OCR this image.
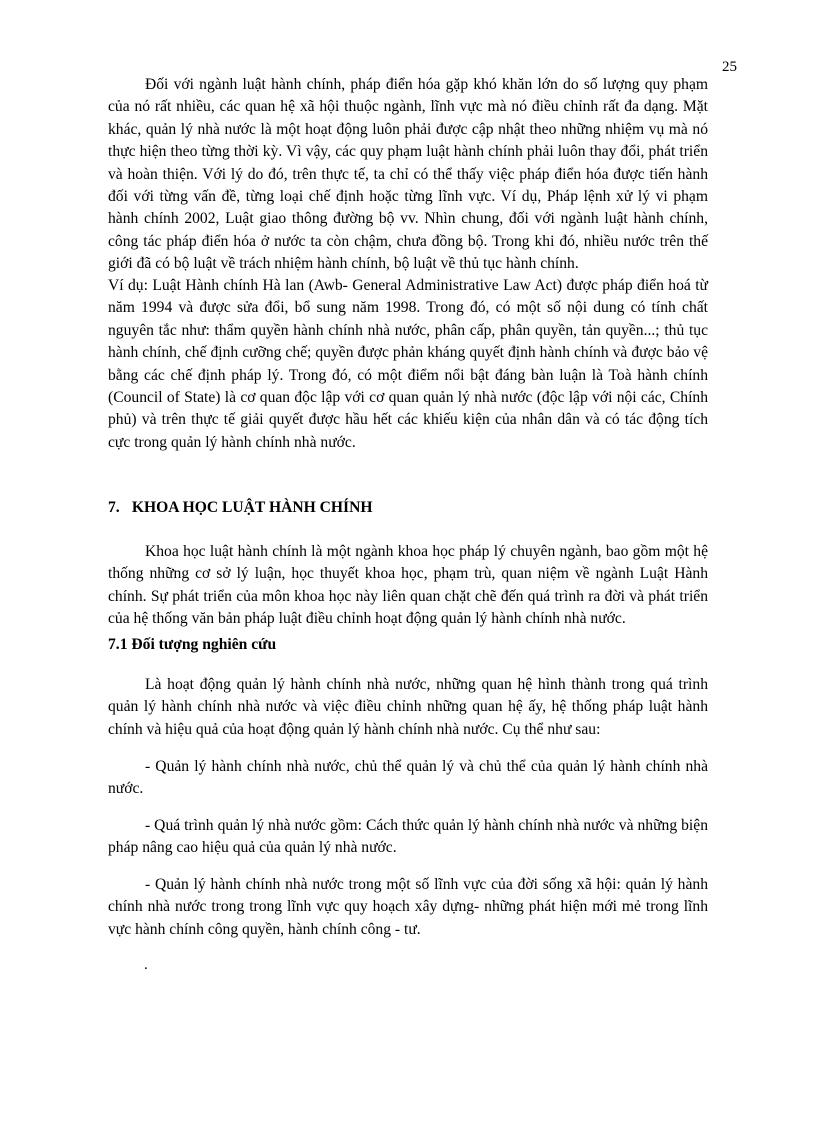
25

Đối với ngành luật hành chính, pháp điển hóa gặp khó khăn lớn do số lượng quy phạm của nó rất nhiều, các quan hệ xã hội thuộc ngành, lĩnh vực mà nó điều chỉnh rất đa dạng. Mặt khác, quản lý nhà nước là một hoạt động luôn phải được cập nhật theo những nhiệm vụ mà nó thực hiện theo từng thời kỳ. Vì vậy, các quy phạm luật hành chính phải luôn thay đổi, phát triển và hoàn thiện. Với lý do đó, trên thực tế, ta chỉ có thể thấy việc pháp điển hóa được tiến hành đối với từng vấn đề, từng loại chế định hoặc từng lĩnh vực. Ví dụ, Pháp lệnh xử lý vi phạm hành chính 2002, Luật giao thông đường bộ vv. Nhìn chung, đối với ngành luật hành chính, công tác pháp điển hóa ở nước ta còn chậm, chưa đồng bộ. Trong khi đó, nhiều nước trên thế giới đã có bộ luật về trách nhiệm hành chính, bộ luật về thủ tục hành chính.

Ví dụ: Luật Hành chính Hà lan (Awb- General Administrative Law Act) được pháp điển hoá từ năm 1994 và được sửa đổi, bổ sung năm 1998. Trong đó, có một số nội dung có tính chất nguyên tắc như: thẩm quyền hành chính nhà nước, phân cấp, phân quyền, tản quyền...; thủ tục hành chính, chế định cưỡng chế; quyền được phản kháng quyết định hành chính và được bảo vệ bằng các chế định pháp lý. Trong đó, có một điểm nổi bật đáng bàn luận là Toà hành chính (Council of State) là cơ quan độc lập với cơ quan quản lý nhà nước (độc lập với nội các, Chính phủ) và trên thực tế giải quyết được hầu hết các khiếu kiện của nhân dân và có tác động tích cực trong quản lý hành chính nhà nước.

7. KHOA HỌC LUẬT HÀNH CHÍNH

Khoa học luật hành chính là một ngành khoa học pháp lý chuyên ngành, bao gồm một hệ thống những cơ sở lý luận, học thuyết khoa học, phạm trù, quan niệm về ngành Luật Hành chính. Sự phát triển của môn khoa học này liên quan chặt chẽ đến quá trình ra đời và phát triển của hệ thống văn bản pháp luật điều chỉnh hoạt động quản lý hành chính nhà nước.

7.1 Đối tượng nghiên cứu

Là hoạt động quản lý hành chính nhà nước, những quan hệ hình thành trong quá trình quản lý hành chính nhà nước và việc điều chỉnh những quan hệ ấy, hệ thống pháp luật hành chính và hiệu quả của hoạt động quản lý hành chính nhà nước. Cụ thể như sau:

- Quản lý hành chính nhà nước, chủ thể quản lý và chủ thể của quản lý hành chính nhà nước.

- Quá trình quản lý nhà nước gồm: Cách thức quản lý hành chính nhà nước và những biện pháp nâng cao hiệu quả của quản lý nhà nước.

- Quản lý hành chính nhà nước trong một số lĩnh vực của đời sống xã hội: quản lý hành chính nhà nước trong trong lĩnh vực quy hoạch xây dựng- những phát hiện mới mẻ trong lĩnh vực hành chính công quyền, hành chính công - tư.

.
